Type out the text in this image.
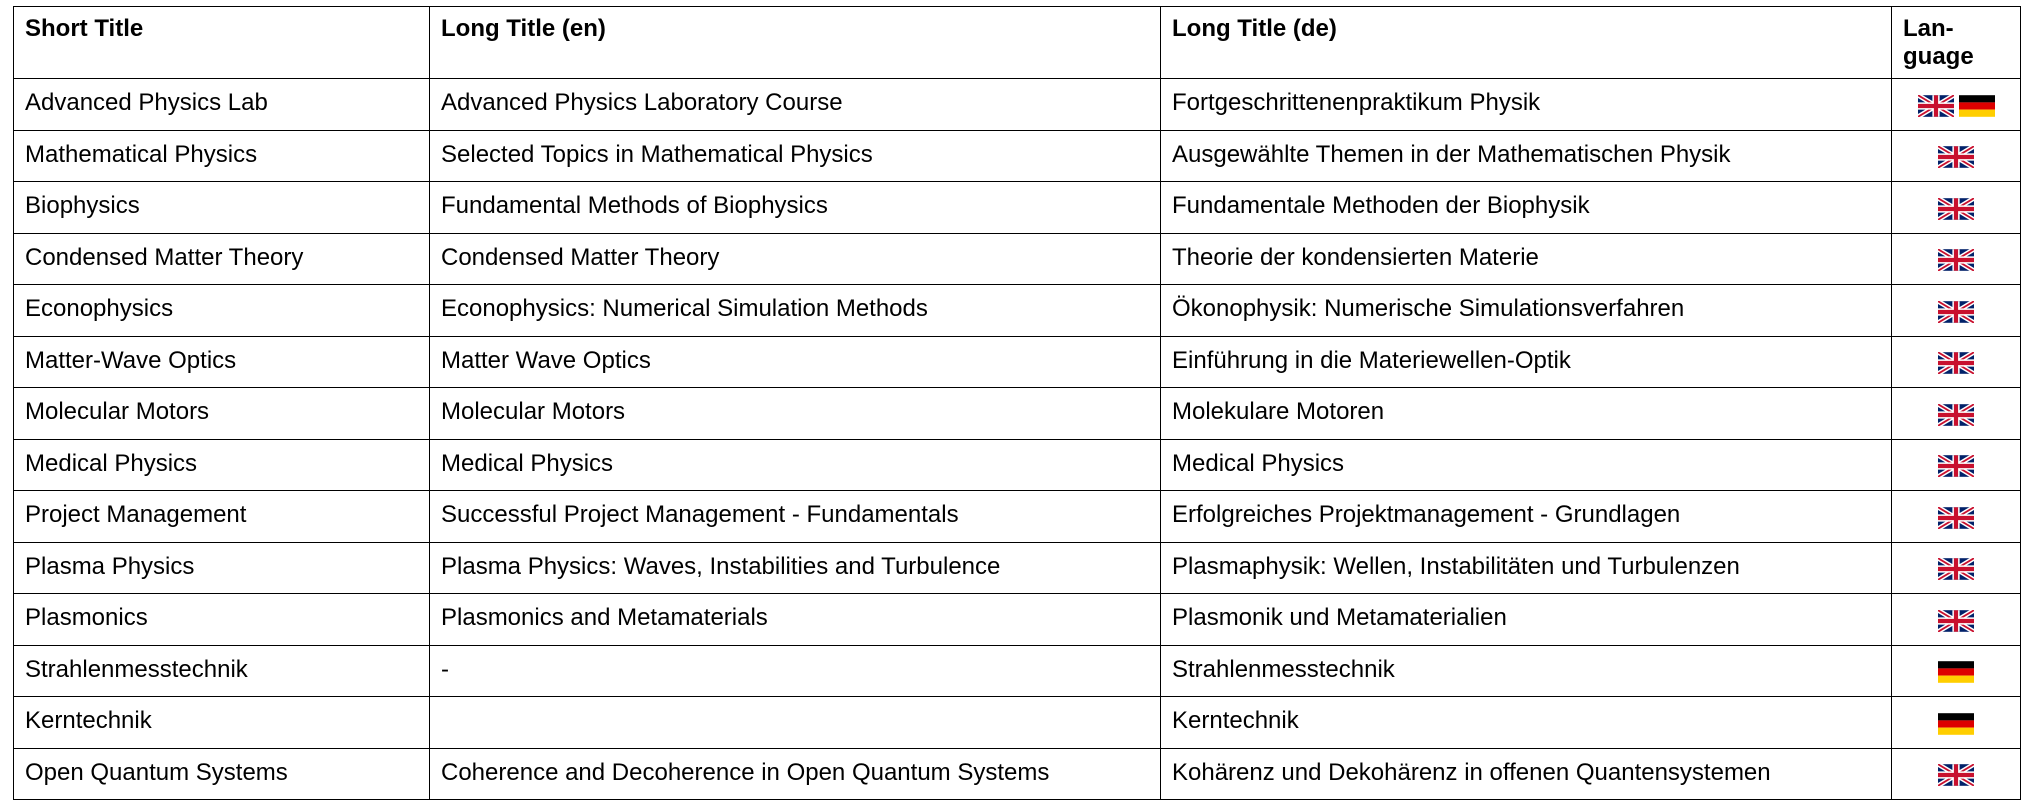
Short Title	Long Title (en)	Long Title (de)	Lan-
guage
Advanced Physics Lab	Advanced Physics Laboratory Course	Fortgeschrittenenpraktikum Physik	

Mathematical Physics	Selected Topics in Mathematical Physics	Ausgewählte Themen in der Mathematischen Physik	

Biophysics	Fundamental Methods of Biophysics	Fundamentale Methoden der Biophysik	

Condensed Matter Theory	Condensed Matter Theory	Theorie der kondensierten Materie	

Econophysics	Econophysics: Numerical Simulation Methods	Ökonophysik: Numerische Simulationsverfahren	

Matter-Wave Optics	Matter Wave Optics	Einführung in die Materiewellen-Optik	

Molecular Motors	Molecular Motors	Molekulare Motoren	

Medical Physics	Medical Physics	Medical Physics	

Project Management	Successful Project Management - Fundamentals	Erfolgreiches Projektmanagement - Grundlagen	

Plasma Physics	Plasma Physics: Waves, Instabilities and Turbulence	Plasmaphysik: Wellen, Instabilitäten und Turbulenzen	

Plasmonics	Plasmonics and Metamaterials	Plasmonik und Metamaterialien	

Strahlenmesstechnik	-	Strahlenmesstechnik	

Kerntechnik		Kerntechnik	

Open Quantum Systems	Coherence and Decoherence in Open Quantum Systems	Kohärenz und Dekohärenz in offenen Quantensystemen	
